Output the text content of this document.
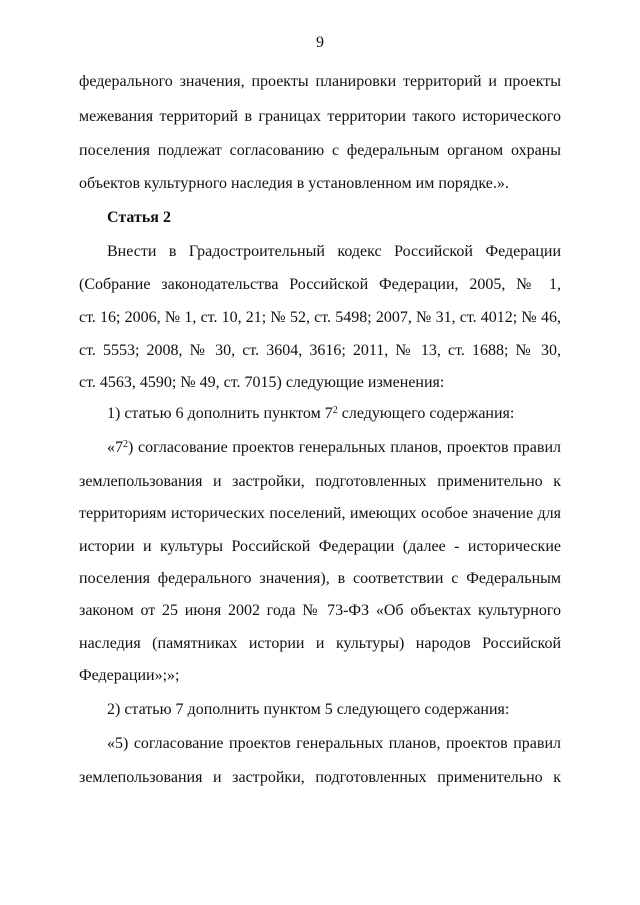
9
федерального значения, проекты планировки территорий и проекты
межевания территорий в границах территории такого исторического
поселения подлежат согласованию с федеральным органом охраны
объектов культурного наследия в установленном им порядке.».
Статья 2
Внести в Градостроительный кодекс Российской Федерации
(Собрание законодательства Российской Федерации, 2005, № 1,
ст. 16; 2006, № 1, ст. 10, 21; № 52, ст. 5498; 2007, № 31, ст. 4012; № 46,
ст. 5553; 2008, № 30, ст. 3604, 3616; 2011, № 13, ст. 1688; № 30,
ст. 4563, 4590; № 49, ст. 7015) следующие изменения:
1) статью 6 дополнить пунктом $7^2$ следующего содержания:
«$7^2$) согласование проектов генеральных планов, проектов правил
землепользования и застройки, подготовленных применительно к
территориям исторических поселений, имеющих особое значение для
истории и культуры Российской Федерации (далее - исторические
поселения федерального значения), в соответствии с Федеральным
законом от 25 июня 2002 года № 73-ФЗ «Об объектах культурного
наследия (памятниках истории и культуры) народов Российской
Федерации»;»;
2) статью 7 дополнить пунктом 5 следующего содержания:
«5) согласование проектов генеральных планов, проектов правил
землепользования и застройки, подготовленных применительно к
